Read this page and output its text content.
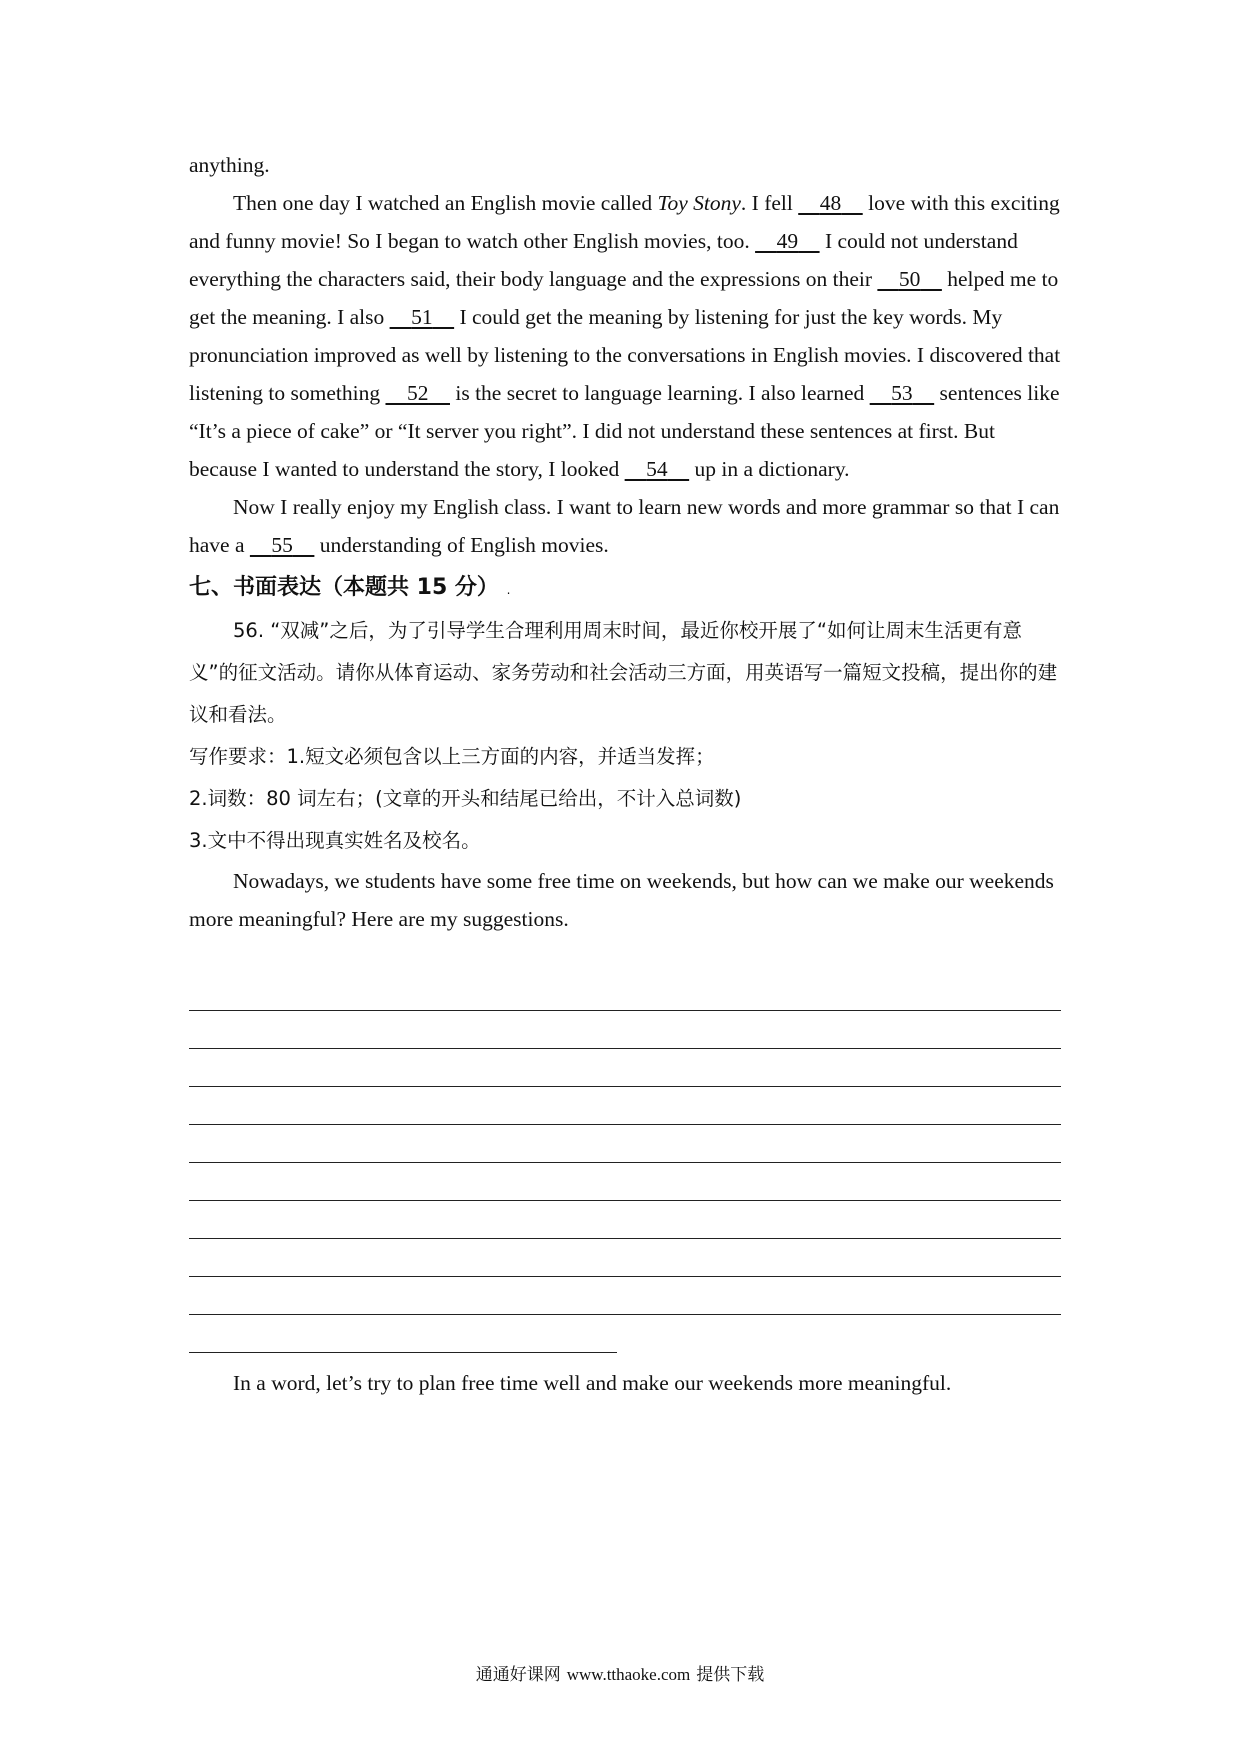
anything.

Then one day I watched an English movie called Toy Stony. I fell     48     love with this exciting and funny movie! So I began to watch other English movies, too.     49     I could not understand everything the characters said, their body language and the expressions on their     50     helped me to get the meaning. I also     51     I could get the meaning by listening for just the key words. My pronunciation improved as well by listening to the conversations in English movies. I discovered that listening to something     52     is the secret to language learning. I also learned     53     sentences like “It’s a piece of cake” or “It server you right”. I did not understand these sentences at first. But because I wanted to understand the story, I looked     54     up in a dictionary.

Now I really enjoy my English class. I want to learn new words and more grammar so that I can have a     55     understanding of English movies.

七、书面表达（本题共 15 分） .

56. “双减”之后，为了引导学生合理利用周末时间，最近你校开展了“如何让周末生活更有意义”的征文活动。请你从体育运动、家务劳动和社会活动三方面，用英语写一篇短文投稿，提出你的建议和看法。

写作要求：1.短文必须包含以上三方面的内容，并适当发挥；

2.词数：80 词左右；(文章的开头和结尾已给出，不计入总词数)

3.文中不得出现真实姓名及校名。

Nowadays, we students have some free time on weekends, but how can we make our weekends more meaningful? Here are my suggestions.

In a word, let’s try to plan free time well and make our weekends more meaningful.

通通好课网 www.tthaoke.com 提供下载
